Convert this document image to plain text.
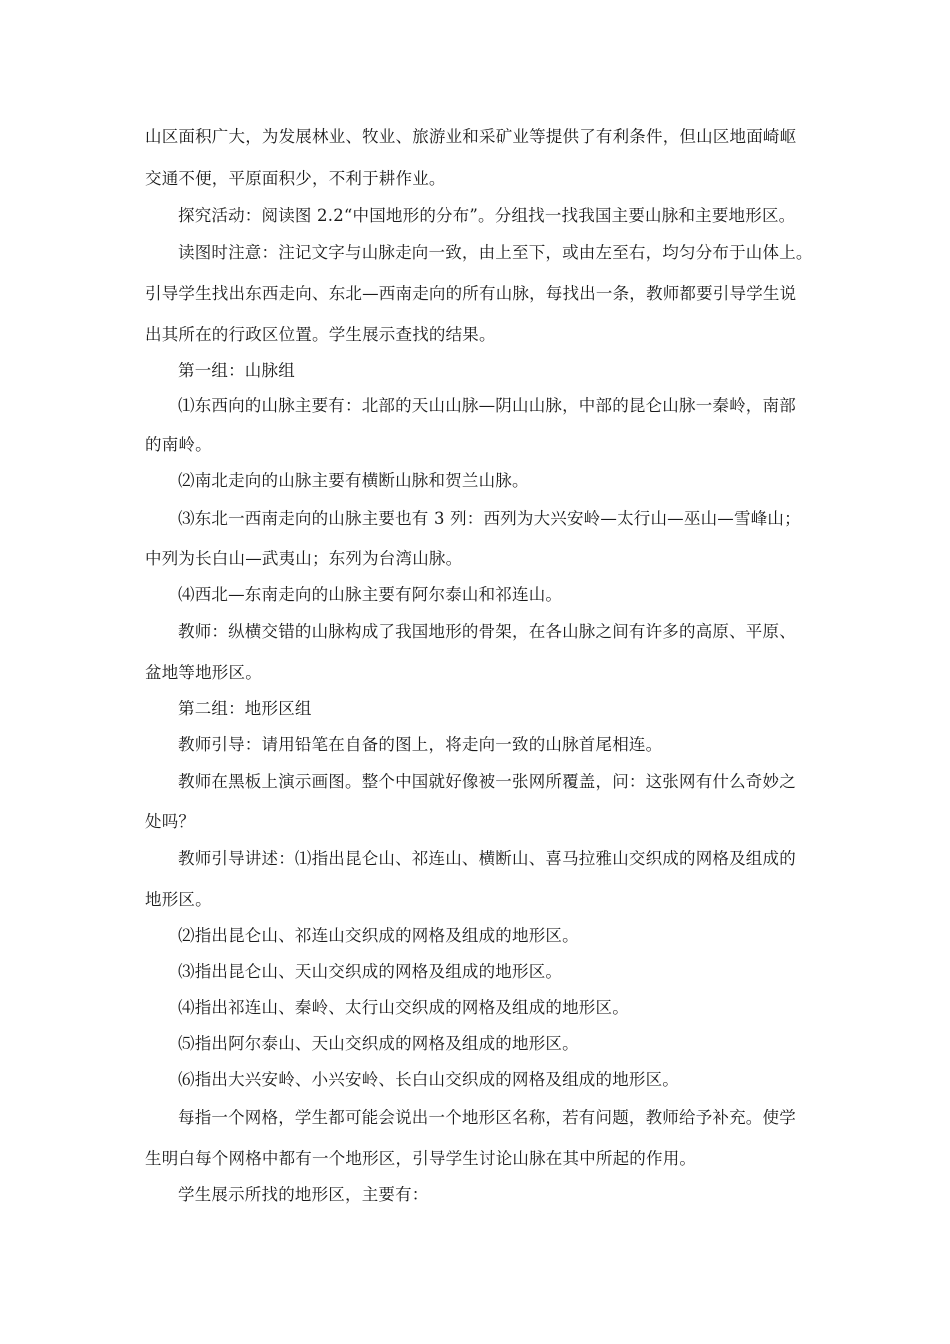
山区面积广大，为发展林业、牧业、旅游业和采矿业等提供了有利条件，但山区地面崎岖
交通不便，平原面积少，不利于耕作业。
探究活动：阅读图 2.2“中国地形的分布”。分组找一找我国主要山脉和主要地形区。
读图时注意：注记文字与山脉走向一致，由上至下，或由左至右，均匀分布于山体上。
引导学生找出东西走向、东北—西南走向的所有山脉，每找出一条，教师都要引导学生说
出其所在的行政区位置。学生展示查找的结果。
第一组：山脉组
⑴东西向的山脉主要有：北部的天山山脉—阴山山脉，中部的昆仑山脉一秦岭，南部
的南岭。
⑵南北走向的山脉主要有横断山脉和贺兰山脉。
⑶东北一西南走向的山脉主要也有 3 列：西列为大兴安岭—太行山—巫山—雪峰山；
中列为长白山—武夷山；东列为台湾山脉。
⑷西北—东南走向的山脉主要有阿尔泰山和祁连山。
教师：纵横交错的山脉构成了我国地形的骨架，在各山脉之间有许多的高原、平原、
盆地等地形区。
第二组：地形区组
教师引导：请用铅笔在自备的图上，将走向一致的山脉首尾相连。
教师在黑板上演示画图。整个中国就好像被一张网所覆盖，问：这张网有什么奇妙之
处吗？
教师引导讲述：⑴指出昆仑山、祁连山、横断山、喜马拉雅山交织成的网格及组成的
地形区。
⑵指出昆仑山、祁连山交织成的网格及组成的地形区。
⑶指出昆仑山、天山交织成的网格及组成的地形区。
⑷指出祁连山、秦岭、太行山交织成的网格及组成的地形区。
⑸指出阿尔泰山、天山交织成的网格及组成的地形区。
⑹指出大兴安岭、小兴安岭、长白山交织成的网格及组成的地形区。
每指一个网格，学生都可能会说出一个地形区名称，若有问题，教师给予补充。使学
生明白每个网格中都有一个地形区，引导学生讨论山脉在其中所起的作用。
学生展示所找的地形区，主要有：
